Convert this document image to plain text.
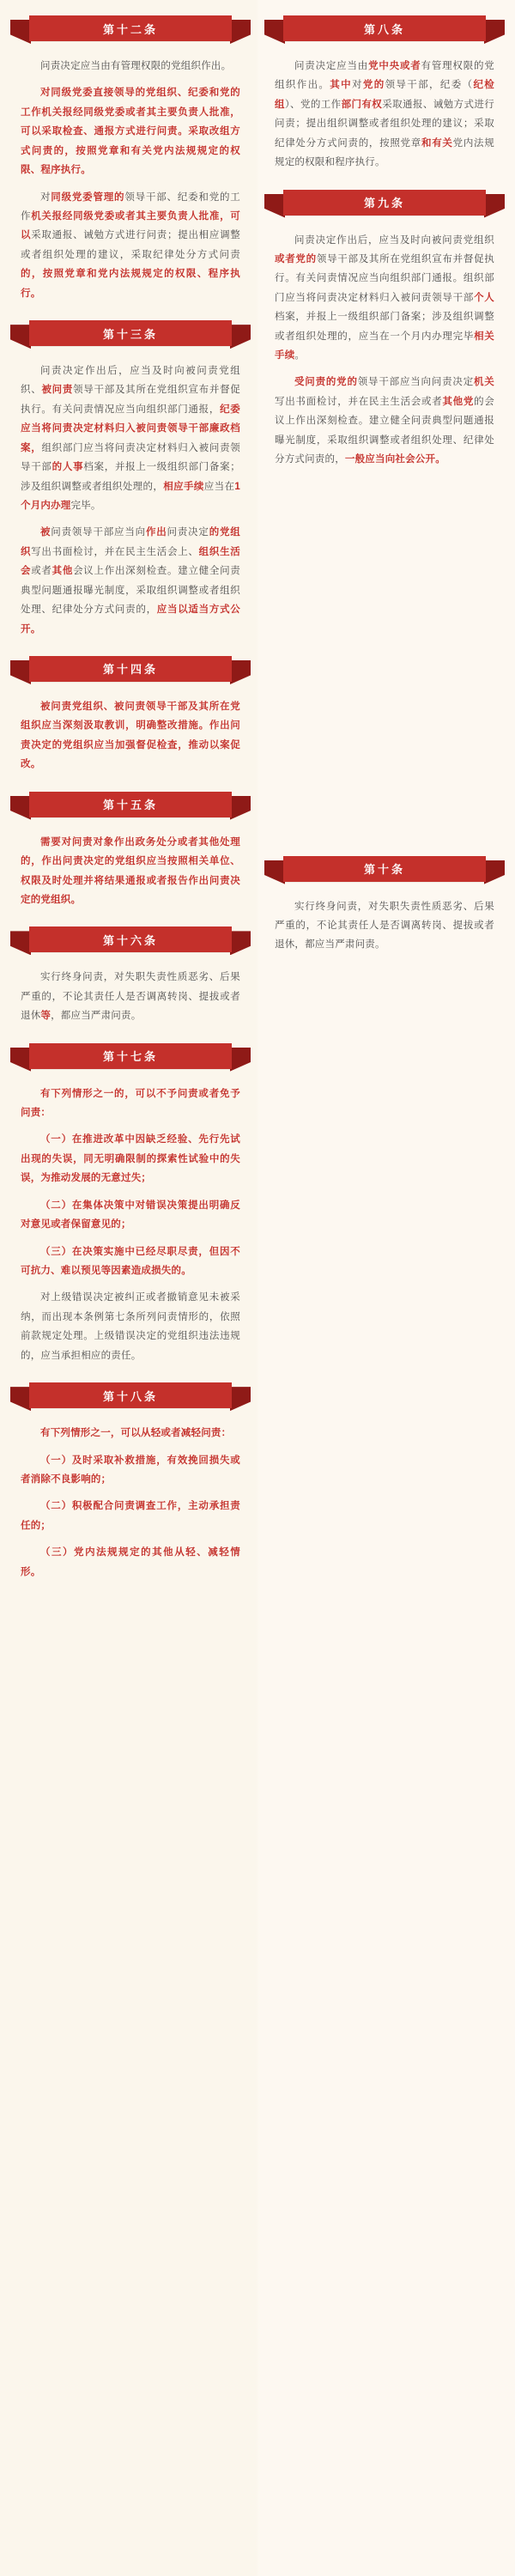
第十二条

问责决定应当由有管理权限的党组织作出。

对同级党委直接领导的党组织、纪委和党的工作机关报经同级党委或者其主要负责人批准，可以采取检查、通报方式进行问责。采取改组方式问责的，按照党章和有关党内法规规定的权限、程序执行。

对同级党委管理的领导干部、纪委和党的工作机关报经同级党委或者其主要负责人批准，可以采取通报、诫勉方式进行问责；提出相应调整或者组织处理的建议，采取纪律处分方式问责的，按照党章和党内法规规定的权限、程序执行。

第十三条

问责决定作出后，应当及时向被问责党组织、被问责领导干部及其所在党组织宣布并督促执行。有关问责情况应当向组织部门通报，纪委应当将问责决定材料归入被问责领导干部廉政档案，组织部门应当将问责决定材料归入被问责领导干部的人事档案，并报上一级组织部门备案；涉及组织调整或者组织处理的，相应手续应当在1个月内办理完毕。

被问责领导干部应当向作出问责决定的党组织写出书面检讨，并在民主生活会上、组织生活会或者其他会议上作出深刻检查。建立健全问责典型问题通报曝光制度，采取组织调整或者组织处理、纪律处分方式问责的，应当以适当方式公开。

第十四条

被问责党组织、被问责领导干部及其所在党组织应当深刻汲取教训，明确整改措施。作出问责决定的党组织应当加强督促检查，推动以案促改。

第十五条

需要对问责对象作出政务处分或者其他处理的，作出问责决定的党组织应当按照相关单位、权限及时处理并将结果通报或者报告作出问责决定的党组织。

第十六条

实行终身问责，对失职失责性质恶劣、后果严重的，不论其责任人是否调离转岗、提拔或者退休等，都应当严肃问责。

第十七条

有下列情形之一的，可以不予问责或者免予问责：

（一）在推进改革中因缺乏经验、先行先试出现的失误，同无明确限制的探索性试验中的失误，为推动发展的无意过失；

（二）在集体决策中对错误决策提出明确反对意见或者保留意见的；

（三）在决策实施中已经尽职尽责，但因不可抗力、难以预见等因素造成损失的。

对上级错误决定被纠正或者撤销意见未被采纳，而出现本条例第七条所列问责情形的，依照前款规定处理。上级错误决定的党组织违法违规的，应当承担相应的责任。

第十八条

有下列情形之一，可以从轻或者减轻问责：

（一）及时采取补救措施，有效挽回损失或者消除不良影响的；

（二）积极配合问责调查工作，主动承担责任的；

（三）党内法规规定的其他从轻、减轻情形。

第八条

问责决定应当由党中央或者有管理权限的党组织作出。其中对党的领导干部，纪委（纪检组）、党的工作部门有权采取通报、诫勉方式进行问责；提出组织调整或者组织处理的建议；采取纪律处分方式问责的，按照党章和有关党内法规规定的权限和程序执行。

第九条

问责决定作出后，应当及时向被问责党组织或者党的领导干部及其所在党组织宣布并督促执行。有关问责情况应当向组织部门通报。组织部门应当将问责决定材料归入被问责领导干部个人档案，并报上一级组织部门备案；涉及组织调整或者组织处理的，应当在一个月内办理完毕相关手续。

受问责的党的领导干部应当向问责决定机关写出书面检讨，并在民主生活会或者其他党的会议上作出深刻检查。建立健全问责典型问题通报曝光制度，采取组织调整或者组织处理、纪律处分方式问责的，一般应当向社会公开。

第十条

实行终身问责，对失职失责性质恶劣、后果严重的，不论其责任人是否调离转岗、提拔或者退休，都应当严肃问责。
